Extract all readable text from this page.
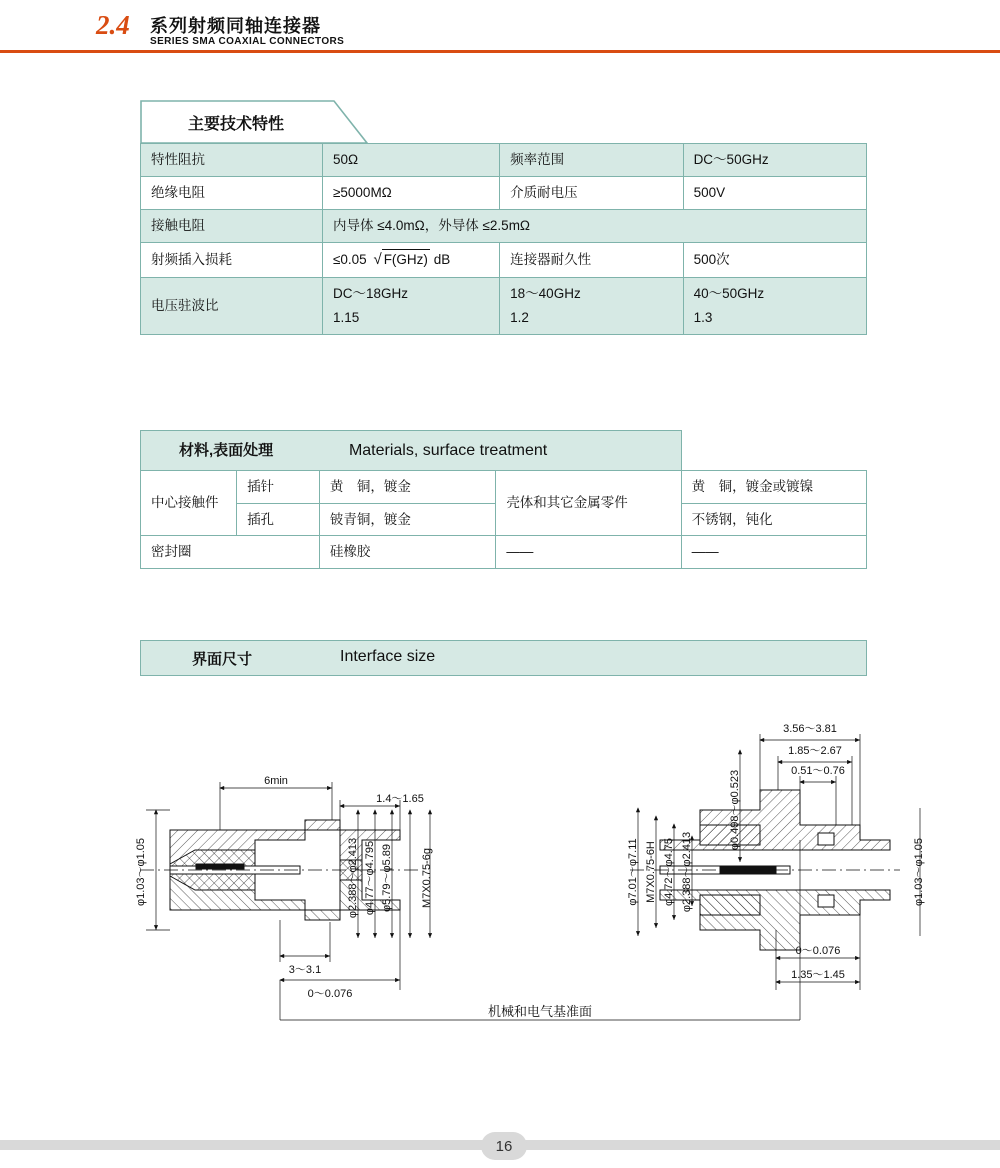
2.4 系列射频同轴连接器
SERIES SMA COAXIAL CONNECTORS
主要技术特性
特性阻抗	50Ω	频率范围	DC～50GHz
绝缘电阻	≥5000MΩ	介质耐电压	500V
接触电阻	内导体 ≤4.0mΩ，外导体 ≤2.5mΩ		
射频插入损耗	≤0.05 √ F(GHz) dB	连接器耐久性	500次
电压驻波比	DC～18GHz	18～40GHz	40～50GHz
	1.15	1.2	1.3
材料,表面处理 Materials, surface treatment				
中心接触件	插针	黄　铜，镀金	壳体和其它金属零件	黄　铜，镀金或镀镍
	插孔	铍青铜，镀金		不锈钢，钝化
密封圈		硅橡胶	——	——
界面尺寸	Interface size
φ1.03～φ1.05
6min
1.4～1.65
φ2.388～φ2.413 φ4.77～φ4.795 φ5.79～φ5.89	M7X0.75-6g
3～3.1
0～0.076
3.56～3.81
1.85～2.67
0.51～0.76
φ0.498～φ0.523
φ7.01～φ7.11 M7X0.75-6H φ4.72～φ4.75 φ2.388～φ2.413	φ1.03～φ1.05
0～0.076
1.35～1.45
机械和电气基准面
16
